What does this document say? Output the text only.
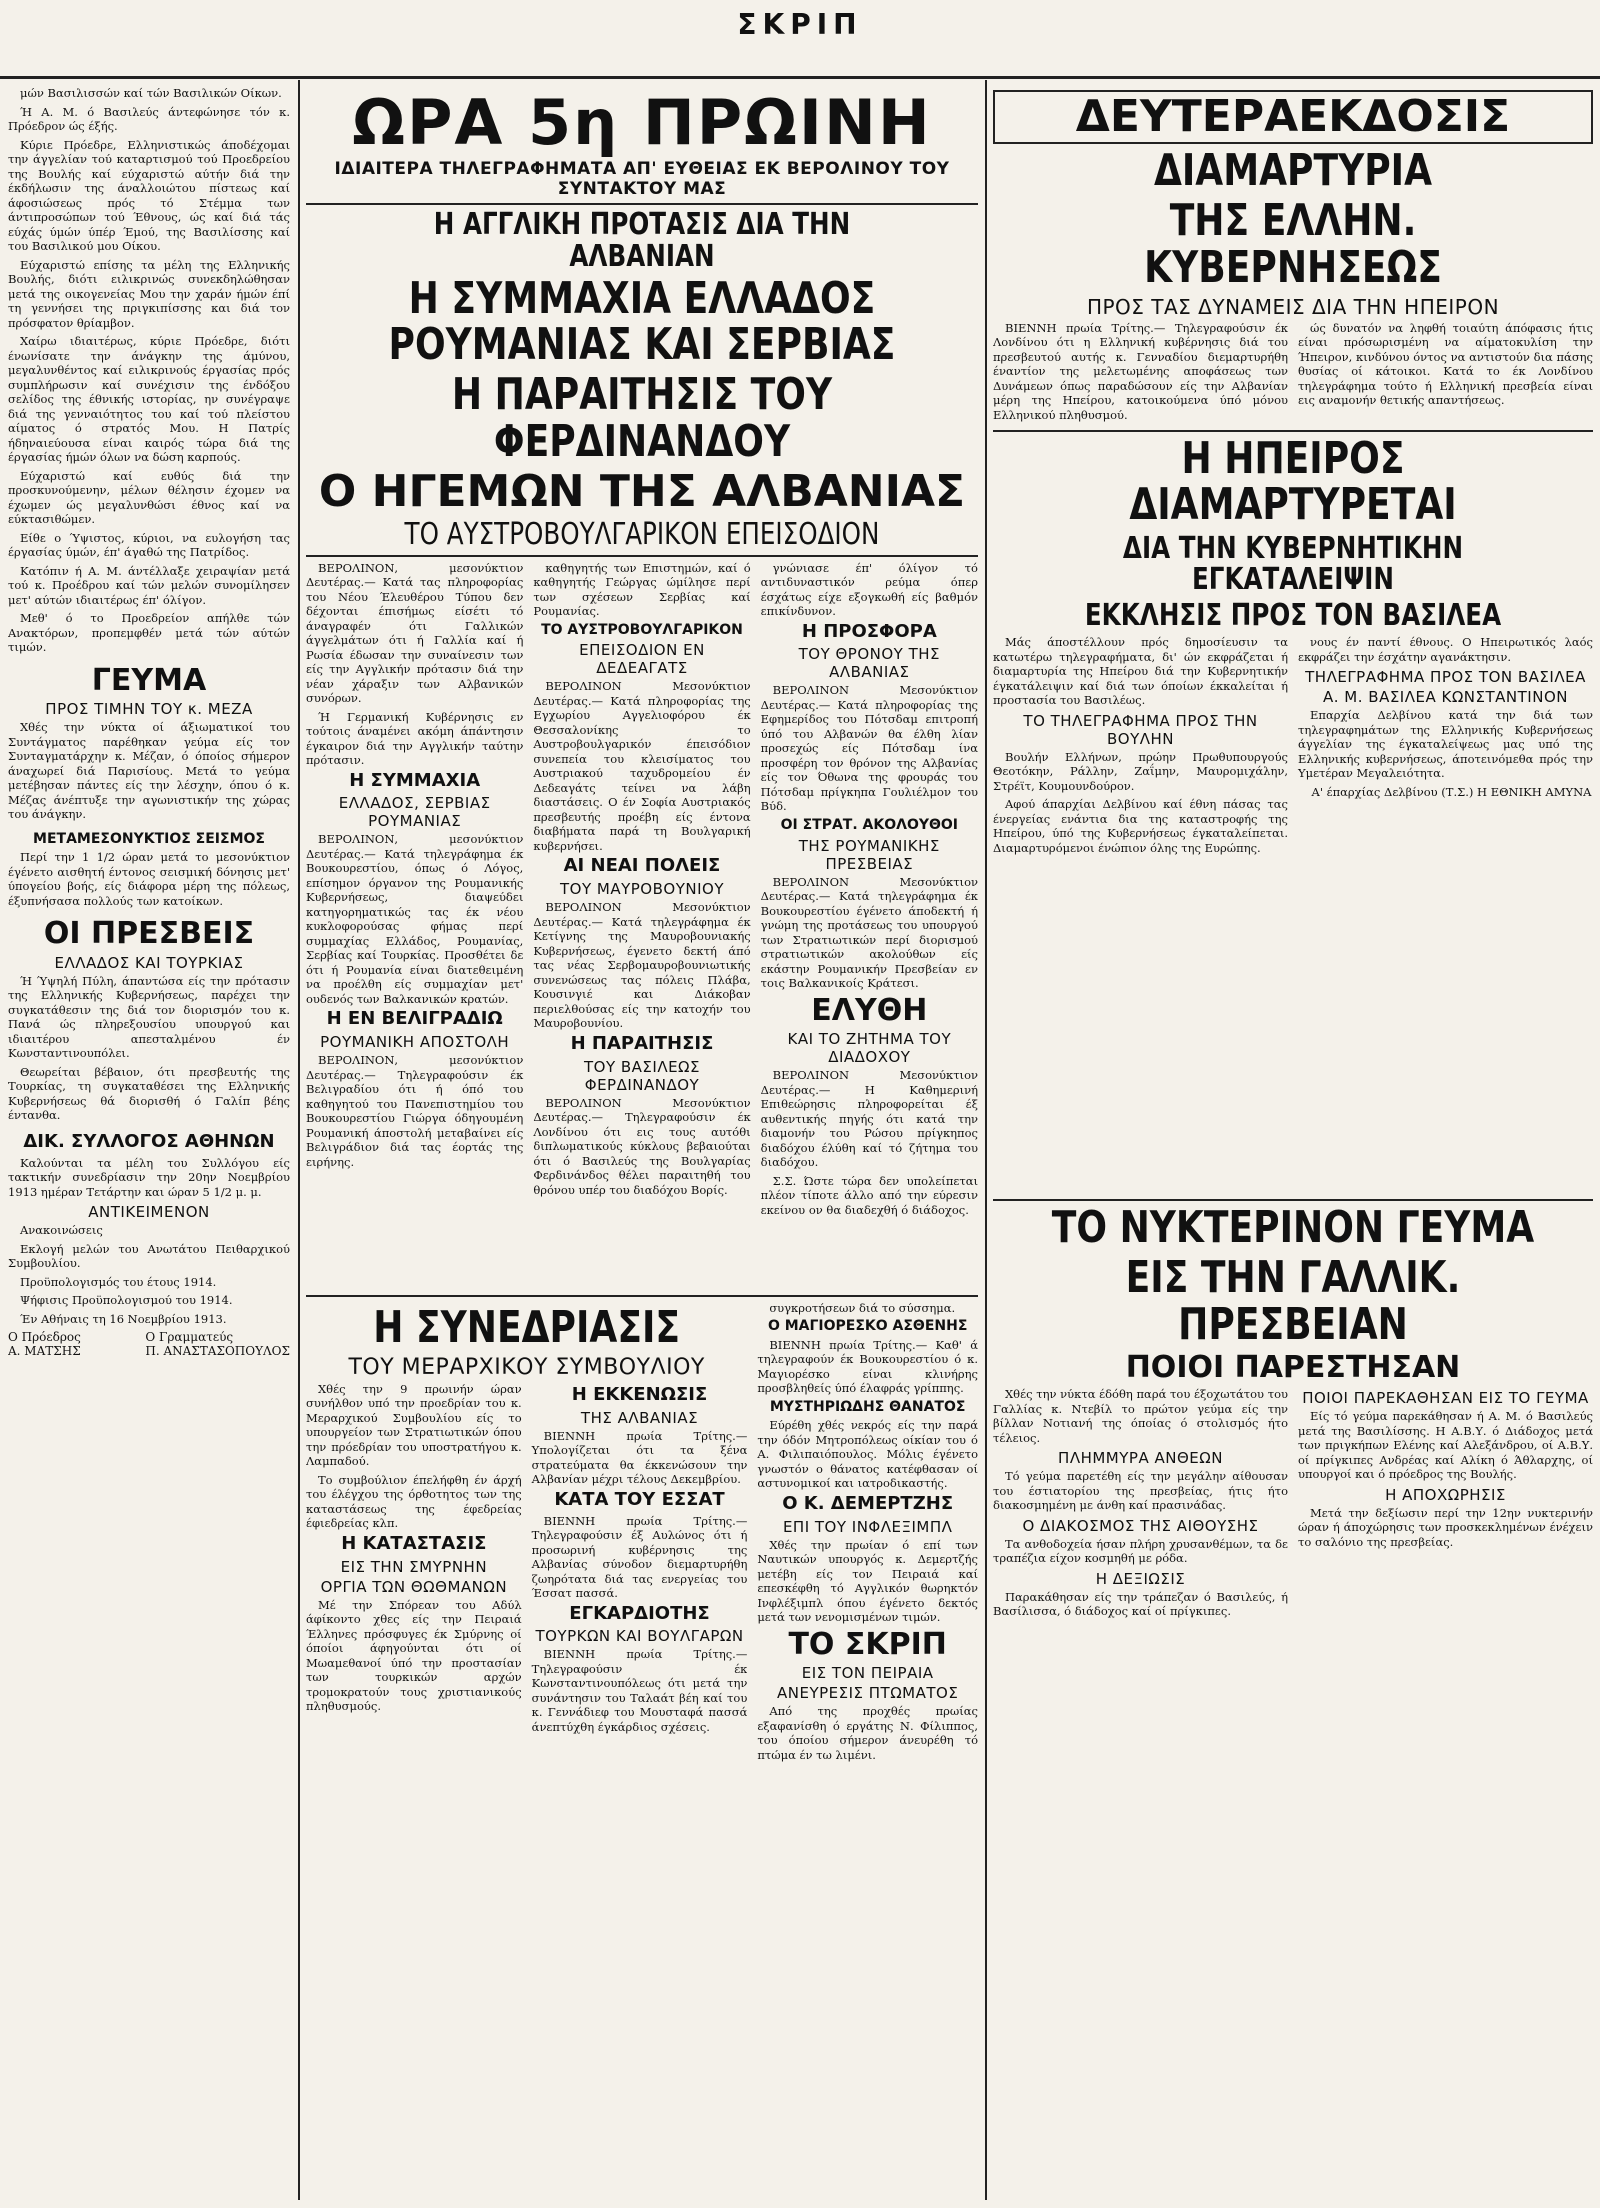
ΣΚΡΙΠ

μών Βασιλισσών καί τών Βασιλικών Οίκων.

Ή Α. Μ. ό Βασιλεύς άντεφώνησε τόν κ. Πρόεδρον ώς έξής.

Κύριε Πρόεδρε, Ελληνιστικώς άποδέχομαι την άγγελίαν τού καταρτισμού τού Προεδρείου της Βουλής καί εύχαριστώ αύτήν διά την έκδήλωσιν της άναλλοιώτου πίστεως καί άφοσιώσεως πρός τό Στέμμα των άντιπροσώπων τού Έθνους, ώς καί διά τάς εύχάς ύμών ύπέρ Έμού, της Βασιλίσσης καί του Βασιλικού μου Οίκου.

Εύχαριστώ επίσης τα μέλη της Ελληνικής Βουλής, διότι ειλικρινώς συνεκδηλώθησαν μετά της οικογενείας Μου την χαράν ήμών έπί τη γεννήσει της πριγκιπίσσης και διά τον πρόσφατον θρίαμβον.

Χαίρω ιδιαιτέρως, κύριε Πρόεδρε, διότι ένωνίσατε την άνάγκην της άμύνου, μεγαλυνθέντος καί ειλικρινούς έργασίας πρός συμπλήρωσιν καί συνέχισιν της ένδόξου σελίδος της έθνικής ιστορίας, ην συνέγραψε διά της γενναιότητος του καί τού πλείστου αίματος ό στρατός Μου. Η Πατρίς ήδηναιεύουσα είναι καιρός τώρα διά της έργασίας ήμών όλων να δώση καρπούς.

Εύχαριστώ καί ευθύς διά την προσκυνούμενην, μέλων θέλησιν έχομεν να έχωμεν ώς μεγαλυνθώσι έθνος καί να εύκτασιθώμεν.

Είθε ο Ύψιστος, κύριοι, να ευλογήση τας έργασίας ύμών, έπ' άγαθώ της Πατρίδος.

Κατόπιν ή Α. Μ. άντέλλαξε χειραψίαν μετά τού κ. Προέδρου καί τών μελών συνομίλησεν μετ' αύτών ιδιαιτέρως έπ' όλίγον.

Μεθ' ό το Προεδρείον απήλθε τών Ανακτόρων, προπεμφθέν μετά τών αύτών τιμών.

ΓΕΥΜΑ
ΠΡΟΣ ΤΙΜΗΝ ΤΟΥ κ. ΜΕΖΑ

Χθές την νύκτα οί άξιωματικοί του Συντάγματος παρέθηκαν γεύμα είς τον Συνταγματάρχην κ. Μέζαν, ό όποίος σήμερον άναχωρεί διά Παρισίους. Μετά το γεύμα μετέβησαν πάντες είς την λέσχην, όπου ό κ. Μέζας άνέπτυξε την αγωνιστικήν της χώρας του άνάγκην.

ΜΕΤΑΜΕΣΟΝΥΚΤΙΟΣ ΣΕΙΣΜΟΣ

Περί την 1 1/2 ώραν μετά το μεσονύκτιον έγένετο αισθητή έντονος σεισμική δόνησις μετ' ύπογείου βοής, είς διάφορα μέρη της πόλεως, έξυπνήσασα πολλούς των κατοίκων.

ΟΙ ΠΡΕΣΒΕΙΣ
ΕΛΛΑΔΟΣ ΚΑΙ ΤΟΥΡΚΙΑΣ

Ή Ύψηλή Πύλη, άπαντώσα είς την πρότασιν της Ελληνικής Κυβερνήσεως, παρέχει την συγκατάθεσιν της διά τον διορισμόν του κ. Πανά ώς πληρεξουσίου υπουργού και ιδιαιτέρου απεσταλμένου έν Κωνσταντινουπόλει.

Θεωρείται βέβαιον, ότι πρεσβευτής της Τουρκίας, τη συγκαταθέσει της Ελληνικής Κυβερνήσεως θά διορισθή ό Γαλίπ βέης έντανθα.

ΔΙΚ. ΣΥΛΛΟΓΟΣ ΑΘΗΝΩΝ

Καλούνται τα μέλη του Συλλόγου είς τακτικήν συνεδρίασιν την 20ην Νοεμβρίου 1913 ημέραν Τετάρτην και ώραν 5 1/2 μ. μ.

ΑΝΤΙΚΕΙΜΕΝΟΝ

Ανακοινώσεις

Εκλογή μελών του Ανωτάτου Πειθαρχικού Συμβουλίου.

Προϋπολογισμός του έτους 1914.

Ψήφισις Προϋπολογισμού του 1914.

Έν Αθήναις τη 16 Νοεμβρίου 1913.

Ο Πρόεδρος
Α. ΜΑΤΣΗΣ
Ο Γραμματεύς
Π. ΑΝΑΣΤΑΣΟΠΟΥΛΟΣ
ΩΡΑ 5η ΠΡΩΙΝΗ
ΙΔΙΑΙΤΕΡΑ ΤΗΛΕΓΡΑΦΗΜΑΤΑ ΑΠ' ΕΥΘΕΙΑΣ ΕΚ ΒΕΡΟΛΙΝΟΥ ΤΟΥ ΣΥΝΤΑΚΤΟΥ ΜΑΣ
Η ΑΓΓΛΙΚΗ ΠΡΟΤΑΣΙΣ ΔΙΑ ΤΗΝ ΑΛΒΑΝΙΑΝ
Η ΣΥΜΜΑΧΙΑ ΕΛΛΑΔΟΣ ΡΟΥΜΑΝΙΑΣ ΚΑΙ ΣΕΡΒΙΑΣ
Η ΠΑΡΑΙΤΗΣΙΣ ΤΟΥ ΦΕΡΔΙΝΑΝΔΟΥ
Ο ΗΓΕΜΩΝ ΤΗΣ ΑΛΒΑΝΙΑΣ
ΤΟ ΑΥΣΤΡΟΒΟΥΛΓΑΡΙΚΟΝ ΕΠΕΙΣΟΔΙΟΝ

ΒΕΡΟΛΙΝΟΝ, μεσονύκτιον Δευτέρας.— Κατά τας πληροφορίας του Νέου Έλευθέρου Τύπου δεν δέχονται έπισήμως είσέτι τό άναγραφέν ότι Γαλλικών άγγελμάτων ότι ή Γαλλία καί ή Ρωσία έδωσαν την συναίνεσιν των είς την Αγγλικήν πρότασιν διά την νέαν χάραξιν των Αλβανικών συνόρων.

Ή Γερμανική Κυβέρνησις εν τούτοις άναμένει ακόμη άπάντησιν έγκαιρον διά την Αγγλικήν ταύτην πρότασιν.

Η ΣΥΜΜΑΧΙΑ
ΕΛΛΑΔΟΣ, ΣΕΡΒΙΑΣ ΡΟΥΜΑΝΙΑΣ

ΒΕΡΟΛΙΝΟΝ, μεσονύκτιον Δευτέρας.— Κατά τηλεγράφημα έκ Βουκουρεστίου, όπως ό Λόγος, επίσημον όργανον της Ρουμανικής Κυβερνήσεως, διαψεύδει κατηγορηματικώς τας έκ νέου κυκλοφορούσας φήμας περί συμμαχίας Ελλάδος, Ρουμανίας, Σερβίας καί Τουρκίας. Προσθέτει δε ότι ή Ρουμανία είναι διατεθειμένη να προέλθη είς συμμαχίαν μετ' ουδενός των Βαλκανικών κρατών.

Η ΕΝ ΒΕΛΙΓΡΑΔΙΩ
ΡΟΥΜΑΝΙΚΗ ΑΠΟΣΤΟΛΗ

ΒΕΡΟΛΙΝΟΝ, μεσονύκτιον Δευτέρας.— Τηλεγραφούσιν έκ Βελιγραδίου ότι ή όπό του καθηγητού του Πανεπιστημίου του Βουκουρεστίου Γιώργα όδηγουμένη Ρουμανική άποστολή μεταβαίνει είς Βελιγράδιον διά τας έορτάς της ειρήνης.

καθηγητής των Επιστημών, καί ό καθηγητής Γεώργας ώμίλησε περί των σχέσεων Σερβίας καί Ρουμανίας.

ΤΟ ΑΥΣΤΡΟΒΟΥΛΓΑΡΙΚΟΝ
ΕΠΕΙΣΟΔΙΟΝ ΕΝ ΔΕΔΕΑΓΑΤΣ

ΒΕΡΟΛΙΝΟΝ Μεσονύκτιον Δευτέρας.— Κατά πληροφορίας της Εγχωρίου Αγγελιοφόρου έκ Θεσσαλονίκης το Αυστροβουλγαρικόν έπεισόδιον συνεπεία του κλεισίματος του Αυστριακού ταχυδρομείου έν Δεδεαγάτς τείνει να λάβη διαστάσεις. Ο έν Σοφία Αυστριακός πρεσβευτής προέβη είς έντονα διαβήματα παρά τη Βουλγαρική κυβερνήσει.

ΑΙ ΝΕΑΙ ΠΟΛΕΙΣ
ΤΟΥ ΜΑΥΡΟΒΟΥΝΙΟΥ

ΒΕΡΟΛΙΝΟΝ Μεσονύκτιον Δευτέρας.— Κατά τηλεγράφημα έκ Κετίγνης της Μαυροβουνιακής Κυβερνήσεως, έγενετο δεκτή άπό τας νέας Σερβομαυροβουνιωτικής συνενώσεως τας πόλεις Πλάβα, Κουσινγιέ και Διάκοβαν περιελθούσας είς την κατοχήν του Μαυροβουνίου.

Η ΠΑΡΑΙΤΗΣΙΣ
ΤΟΥ ΒΑΣΙΛΕΩΣ ΦΕΡΔΙΝΑΝΔΟΥ

ΒΕΡΟΛΙΝΟΝ Μεσονύκτιον Δευτέρας.— Τηλεγραφούσιν έκ Λονδίνου ότι εις τους αυτόθι διπλωματικούς κύκλους βεβαιούται ότι ό Βασιλεύς της Βουλγαρίας Φερδινάνδος θέλει παραιτηθή του θρόνου υπέρ του διαδόχου Βορίς.

γνώνιασε έπ' όλίγον τό αντιδυναστικόν ρεύμα όπερ έσχάτως είχε εξογκωθή είς βαθμόν επικίνδυνον.

Η ΠΡΟΣΦΟΡΑ
ΤΟΥ ΘΡΟΝΟΥ ΤΗΣ ΑΛΒΑΝΙΑΣ

ΒΕΡΟΛΙΝΟΝ Μεσονύκτιον Δευτέρας.— Κατά πληροφορίας της Εφημερίδος του Πότσδαμ επιτροπή ύπό του Αλβανών θα έλθη λίαν προσεχώς είς Πότσδαμ ίνα προσφέρη τον θρόνον της Αλβανίας είς τον Όθωνα της φρουράς του Πότσδαμ πρίγκηπα Γουλιέλμον του Βύδ.

ΟΙ ΣΤΡΑΤ. ΑΚΟΛΟΥΘΟΙ
ΤΗΣ ΡΟΥΜΑΝΙΚΗΣ ΠΡΕΣΒΕΙΑΣ

ΒΕΡΟΛΙΝΟΝ Μεσονύκτιον Δευτέρας.— Κατά τηλεγράφημα έκ Βουκουρεστίου έγένετο άποδεκτή ή γνώμη της προτάσεως του υπουργού των Στρατιωτικών περί διορισμού στρατιωτικών ακολούθων είς εκάστην Ρουμανικήν Πρεσβείαν εν τοις Βαλκανικοίς Κράτεσι.

ΕΛΥΘΗ
ΚΑΙ ΤΟ ΖΗΤΗΜΑ ΤΟΥ ΔΙΑΔΟΧΟΥ

ΒΕΡΟΛΙΝΟΝ Μεσονύκτιον Δευτέρας.— Η Καθημερινή Επιθεώρησις πληροφορείται έξ αυθεντικής πηγής ότι κατά την διαμονήν του Ρώσου πρίγκηπος διαδόχου έλύθη καί τό ζήτημα του διαδόχου.

Σ.Σ. Ώστε τώρα δεν υπολείπεται πλέον τίποτε άλλο από την εύρεσιν εκείνου ον θα διαδεχθή ό διάδοχος.

Η ΣΥΝΕΔΡΙΑΣΙΣ
ΤΟΥ ΜΕΡΑΡΧΙΚΟΥ ΣΥΜΒΟΥΛΙΟΥ

Χθές την 9 πρωινήν ώραν συνήλθον υπό την προεδρίαν του κ. Μεραρχικού Συμβουλίου είς το υπουργείον των Στρατιωτικών όπου την πρόεδρίαν του υποστρατήγου κ. Λαμπαδού.

Το συμβούλιον έπελήφθη έν άρχή του έλέγχου της όρθοτητος των της καταστάσεως της έφεδρείας έφιεδρείας κλπ.

Η ΚΑΤΑΣΤΑΣΙΣ
ΕΙΣ ΤΗΝ ΣΜΥΡΝΗΝ
ΟΡΓΙΑ ΤΩΝ ΘΩΘΜΑΝΩΝ

Μέ την Σπόρεαν του Αδύλ άφίκοντο χθες είς την Πειραιά Έλληνες πρόσφυγες έκ Σμύρνης οί όποίοι άφηγούνται ότι οί Μωαμεθανοί ύπό την προστασίαν των τουρκικών αρχών τρομοκρατούν τους χριστιανικούς πληθυσμούς.

Η ΕΚΚΕΝΩΣΙΣ
ΤΗΣ ΑΛΒΑΝΙΑΣ

ΒΙΕΝΝΗ πρωία Τρίτης.— Υπολογίζεται ότι τα ξένα στρατεύματα θα έκκενώσουν την Αλβανίαν μέχρι τέλους Δεκεμβρίου.

ΚΑΤΑ ΤΟΥ ΕΣΣΑΤ

ΒΙΕΝΝΗ πρωία Τρίτης.— Τηλεγραφούσιν έξ Αυλώνος ότι ή προσωρινή κυβέρνησις της Αλβανίας σύνοδον διεμαρτυρήθη ζωηρότατα διά τας ενεργείας του Έσσατ πασσά.

ΕΓΚΑΡΔΙΟΤΗΣ
ΤΟΥΡΚΩΝ ΚΑΙ ΒΟΥΛΓΑΡΩΝ

ΒΙΕΝΝΗ πρωία Τρίτης.— Τηλεγραφούσιν έκ Κωνσταντινουπόλεως ότι μετά την συνάντησιν του Ταλαάτ βέη καί του κ. Γεννάδιεφ του Μουσταφά πασσά άνεπτύχθη έγκάρδιος σχέσεις.

συγκροτήσεων διά το σύσσημα.

Ο ΜΑΓΙΟΡΕΣΚΟ ΑΣΘΕΝΗΣ

ΒΙΕΝΝΗ πρωία Τρίτης.— Καθ' ά τηλεγραφούν έκ Βουκουρεστίου ό κ. Μαγιορέσκο είναι κλινήρης προσβληθείς ύπό έλαφράς γρίππης.

ΜΥΣΤΗΡΙΩΔΗΣ ΘΑΝΑΤΟΣ

Εύρέθη χθές νεκρός είς την παρά την όδόν Μητροπόλεως οίκίαν του ό Α. Φιλιπαιόπουλος. Μόλις έγένετο γνωστόν ο θάνατος κατέφθασαν οί αστυνομικοί και ιατροδικαστής.

Ο Κ. ΔΕΜΕΡΤΖΗΣ
ΕΠΙ ΤΟΥ ΙΝΦΛΕΞΙΜΠΛ

Χθές την πρωίαν ό επί των Ναυτικών υπουργός κ. Δεμερτζής μετέβη είς τον Πειραιά καί επεσκέφθη τό Αγγλικόν θωρηκτόν Ινφλέξιμπλ όπου έγένετο δεκτός μετά των νενομισμένων τιμών.

ΤΟ ΣΚΡΙΠ
ΕΙΣ ΤΟΝ ΠΕΙΡΑΙΑ
ΑΝΕΥΡΕΣΙΣ ΠΤΩΜΑΤΟΣ

Από της προχθές πρωίας εξαφανίσθη ό εργάτης Ν. Φίλιππος, του όποίου σήμερον άνευρέθη τό πτώμα έν τω λιμένι.

ΔΕΥΤΕΡΑΕΚΔΟΣΙΣ
ΔΙΑΜΑΡΤΥΡΙΑ
ΤΗΣ ΕΛΛΗΝ. ΚΥΒΕΡΝΗΣΕΩΣ
ΠΡΟΣ ΤΑΣ ΔΥΝΑΜΕΙΣ ΔΙΑ ΤΗΝ ΗΠΕΙΡΟΝ

ΒΙΕΝΝΗ πρωία Τρίτης.— Τηλεγραφούσιν έκ Λονδίνου ότι η Ελληνική κυβέρνησις διά του πρεσβευτού αυτής κ. Γενναδίου διεμαρτυρήθη έναντίον της μελετωμένης αποφάσεως των Δυνάμεων όπως παραδώσουν είς την Αλβανίαν μέρη της Ηπείρου, κατοικούμενα ύπό μόνου Ελληνικού πληθυσμού.

ώς δυνατόν να ληφθή τοιαύτη άπόφασις ήτις είναι πρόσωρισμένη να αίματοκυλίση την Ήπειρον, κινδύνου όντος να αντιστούν δια πάσης θυσίας οί κάτοικοι. Κατά το έκ Λονδίνου τηλεγράφημα τούτο ή Ελληνική πρεσβεία είναι εις αναμονήν θετικής απαντήσεως.

Η ΗΠΕΙΡΟΣ ΔΙΑΜΑΡΤΥΡΕΤΑΙ
ΔΙΑ ΤΗΝ ΚΥΒΕΡΝΗΤΙΚΗΝ ΕΓΚΑΤΑΛΕΙΨΙΝ
ΕΚΚΛΗΣΙΣ ΠΡΟΣ ΤΟΝ ΒΑΣΙΛΕΑ

Μάς άποστέλλουν πρός δημοσίευσιν τα κατωτέρω τηλεγραφήματα, δι' ών εκφράζεται ή διαμαρτυρία της Ηπείρου διά την Κυβερνητικήν έγκατάλειψιν καί διά των όποίων έκκαλείται ή προστασία του Βασιλέως.

ΤΟ ΤΗΛΕΓΡΑΦΗΜΑ ΠΡΟΣ ΤΗΝ ΒΟΥΛΗΝ

Βουλήν Ελλήνων, πρώην Πρωθυπουργούς Θεοτόκην, Ράλλην, Ζαΐμην, Μαυρομιχάλην, Στρέϊτ, Κουμουνδούρον.

Αφού άπαρχίαι Δελβίνου καί έθνη πάσας τας ένεργείας ενάντια δια της καταστροφής της Ηπείρου, ύπό της Κυβερνήσεως έγκαταλείπεται. Διαμαρτυρόμενοι ένώπιον όλης της Ευρώπης.

νους έν παντί έθνους. Ο Ηπειρωτικός λαός εκφράζει την έσχάτην αγανάκτησιν.

ΤΗΛΕΓΡΑΦΗΜΑ ΠΡΟΣ ΤΟΝ ΒΑΣΙΛΕΑ
Α. Μ. ΒΑΣΙΛΕΑ ΚΩΝΣΤΑΝΤΙΝΟΝ

Επαρχία Δελβίνου κατά την διά των τηλεγραφημάτων της Ελληνικής Κυβερνήσεως άγγελίαν της έγκαταλείψεως μας υπό της Ελληνικής κυβερνήσεως, άποτεινόμεθα πρός την Υμετέραν Μεγαλειότητα.

Α' έπαρχίας Δελβίνου (Τ.Σ.) Η ΕΘΝΙΚΗ ΑΜΥΝΑ

ΤΟ ΝΥΚΤΕΡΙΝΟΝ ΓΕΥΜΑ
ΕΙΣ ΤΗΝ ΓΑΛΛΙΚ. ΠΡΕΣΒΕΙΑΝ
ΠΟΙΟΙ ΠΑΡΕΣΤΗΣΑΝ

Χθές την νύκτα έδόθη παρά του έξοχωτάτου του Γαλλίας κ. Ντεβίλ το πρώτον γεύμα είς την βίλλαν Νοτιανή της όποίας ό στολισμός ήτο τέλειος.

ΠΛΗΜΜΥΡΑ ΑΝΘΕΩΝ

Τό γεύμα παρετέθη είς την μεγάλην αίθουσαν του έστιατορίου της πρεσβείας, ήτις ήτο διακοσμημένη με άνθη καί πρασινάδας.

Ο ΔΙΑΚΟΣΜΟΣ ΤΗΣ ΑΙΘΟΥΣΗΣ

Τα ανθοδοχεία ήσαν πλήρη χρυσανθέμων, τα δε τραπέζια είχον κοσμηθή με ρόδα.

Η ΔΕΞΙΩΣΙΣ

Παρακάθησαν είς την τράπεζαν ό Βασιλεύς, ή Βασίλισσα, ό διάδοχος καί οί πρίγκιπες.

ΠΟΙΟΙ ΠΑΡΕΚΑΘΗΣΑΝ ΕΙΣ ΤΟ ΓΕΥΜΑ

Είς τό γεύμα παρεκάθησαν ή Α. Μ. ό Βασιλεύς μετά της Βασιλίσσης. Η Α.Β.Υ. ό Διάδοχος μετά των πριγκήπων Ελένης καί Αλεξάνδρου, οί Α.Β.Υ. οί πρίγκιπες Ανδρέας καί Αλίκη ό Άθλαρχης, οί υπουργοί και ό πρόεδρος της Βουλής.

Η ΑΠΟΧΩΡΗΣΙΣ

Μετά την δεξίωσιν περί την 12ην νυκτερινήν ώραν ή άποχώρησις των προσκεκλημένων ένέχειν το σαλόνιο της πρεσβείας.
